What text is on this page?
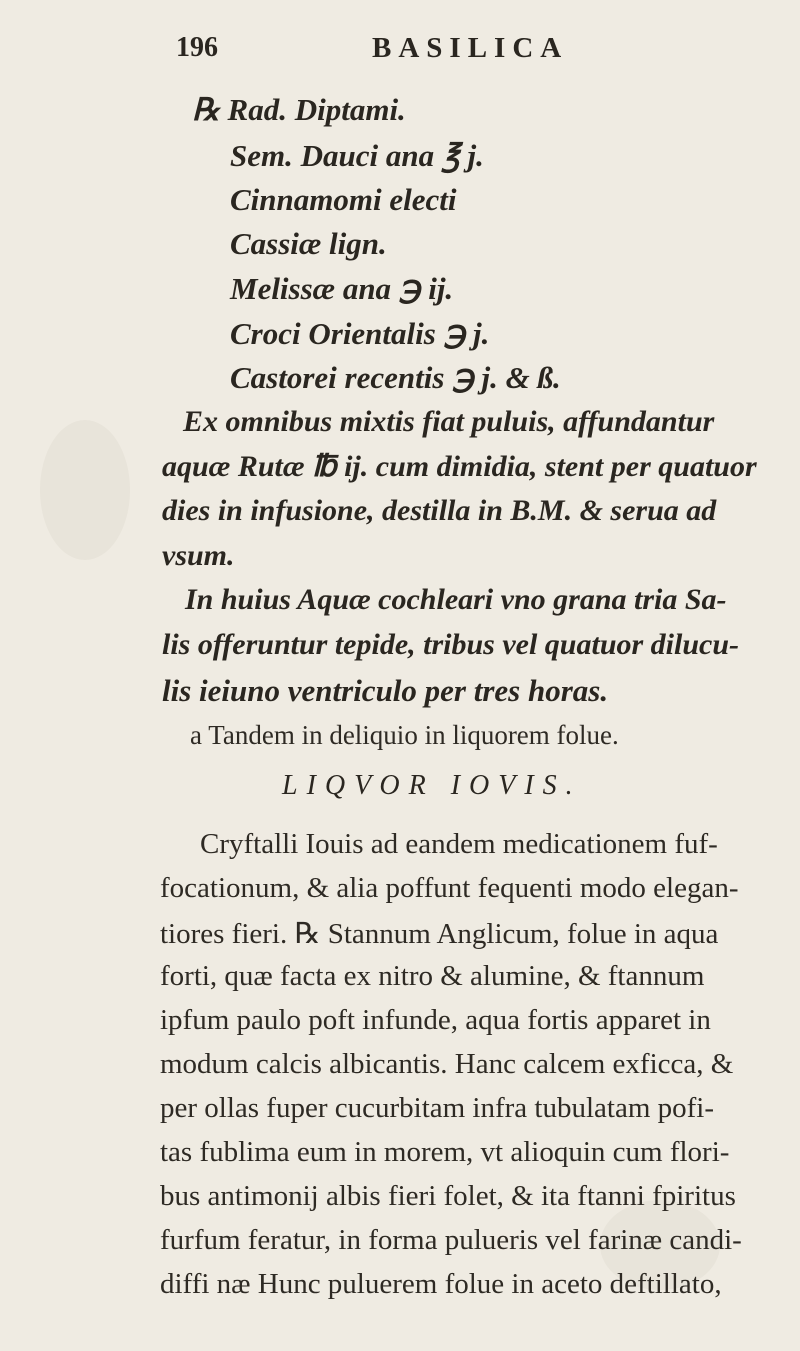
196	BASILICA
℞ Rad. Diptami.
Sem. Dauci ana ℥ j.
Cinnamomi electi
Cassiæ lign.
Melissæ ana ℈ ij.
Croci Orientalis ℈ j.
Castorei recentis ℈ j. & ß.
Ex omnibus mixtis fiat puluis, affundantur
aquæ Rutæ ℔ ij. cum dimidia, stent per quatuor
dies in infusione, destilla in B.M. & serua ad
vsum.
In huius Aquæ cochleari vno grana tria Sa-
lis offeruntur tepide, tribus vel quatuor dilucu-
lis ieiuno ventriculo per tres horas.
a Tandem in deliquio in liquorem folue.
LIQVOR IOVIS.
Cryftalli Iouis ad eandem medicationem fuf-
focationum, & alia poffunt fequenti modo elegan-
tiores fieri. ℞ Stannum Anglicum, folue in aqua
forti, quæ facta ex nitro & alumine, & ftannum
ipfum paulo poft infunde, aqua fortis apparet in
modum calcis albicantis. Hanc calcem exficca, &
per ollas fuper cucurbitam infra tubulatam pofi-
tas fublima eum in morem, vt alioquin cum flori-
bus antimonij albis fieri folet, & ita ftanni fpiritus
furfum feratur, in forma pulueris vel farinæ candi-
diffi næ Hunc puluerem folue in aceto deftillato,
